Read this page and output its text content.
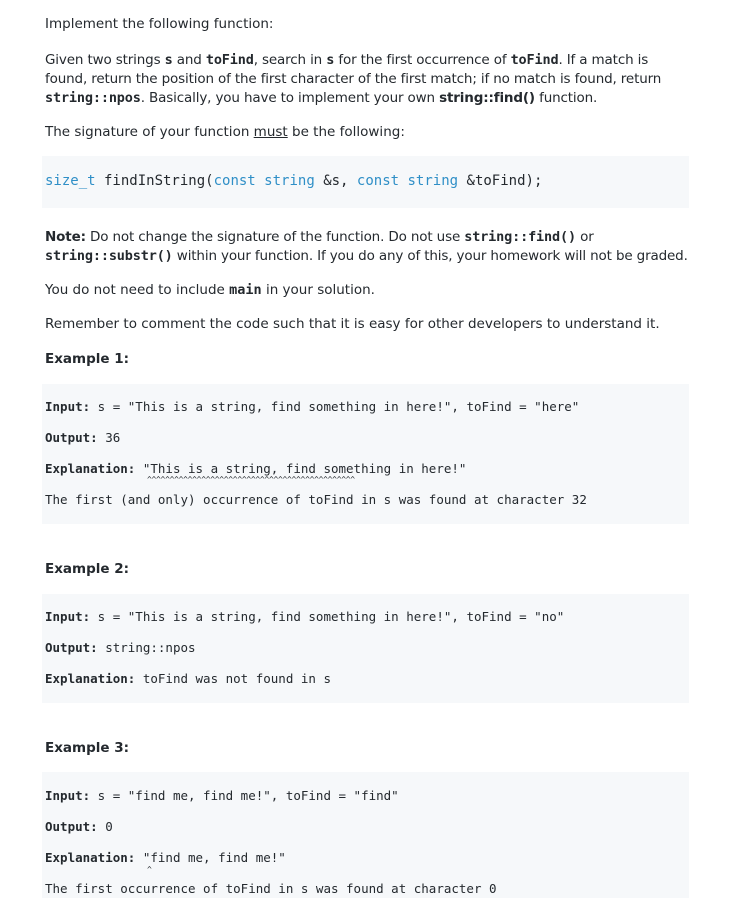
Implement the following function:
Given two strings s and toFind, search in s for the first occurrence of toFind. If a match is found, return the position of the first character of the first match; if no match is found, return string::npos. Basically, you have to implement your own string::find() function.
The signature of your function must be the following:
size_t findInString(const string &s, const string &toFind);
Note: Do not change the signature of the function. Do not use string::find() or string::substr() within your function. If you do any of this, your homework will not be graded.
You do not need to include main in your solution.
Remember to comment the code such that it is easy for other developers to understand it.
Example 1:
Input: s = "This is a string, find something in here!", toFind = "here"
Output: 36
Explanation: "This is a string, find something in here!"
^^^^^^^^^^^^^^^^^^^^^^^^^^^^^^^^^^^^^^^^^^^^^^
The first (and only) occurrence of toFind in s was found at character 32
Example 2:
Input: s = "This is a string, find something in here!", toFind = "no"
Output: string::npos
Explanation: toFind was not found in s
Example 3:
Input: s = "find me, find me!", toFind = "find"
Output: 0
Explanation: "find me, find me!"
^
The first occurrence of toFind in s was found at character 0
